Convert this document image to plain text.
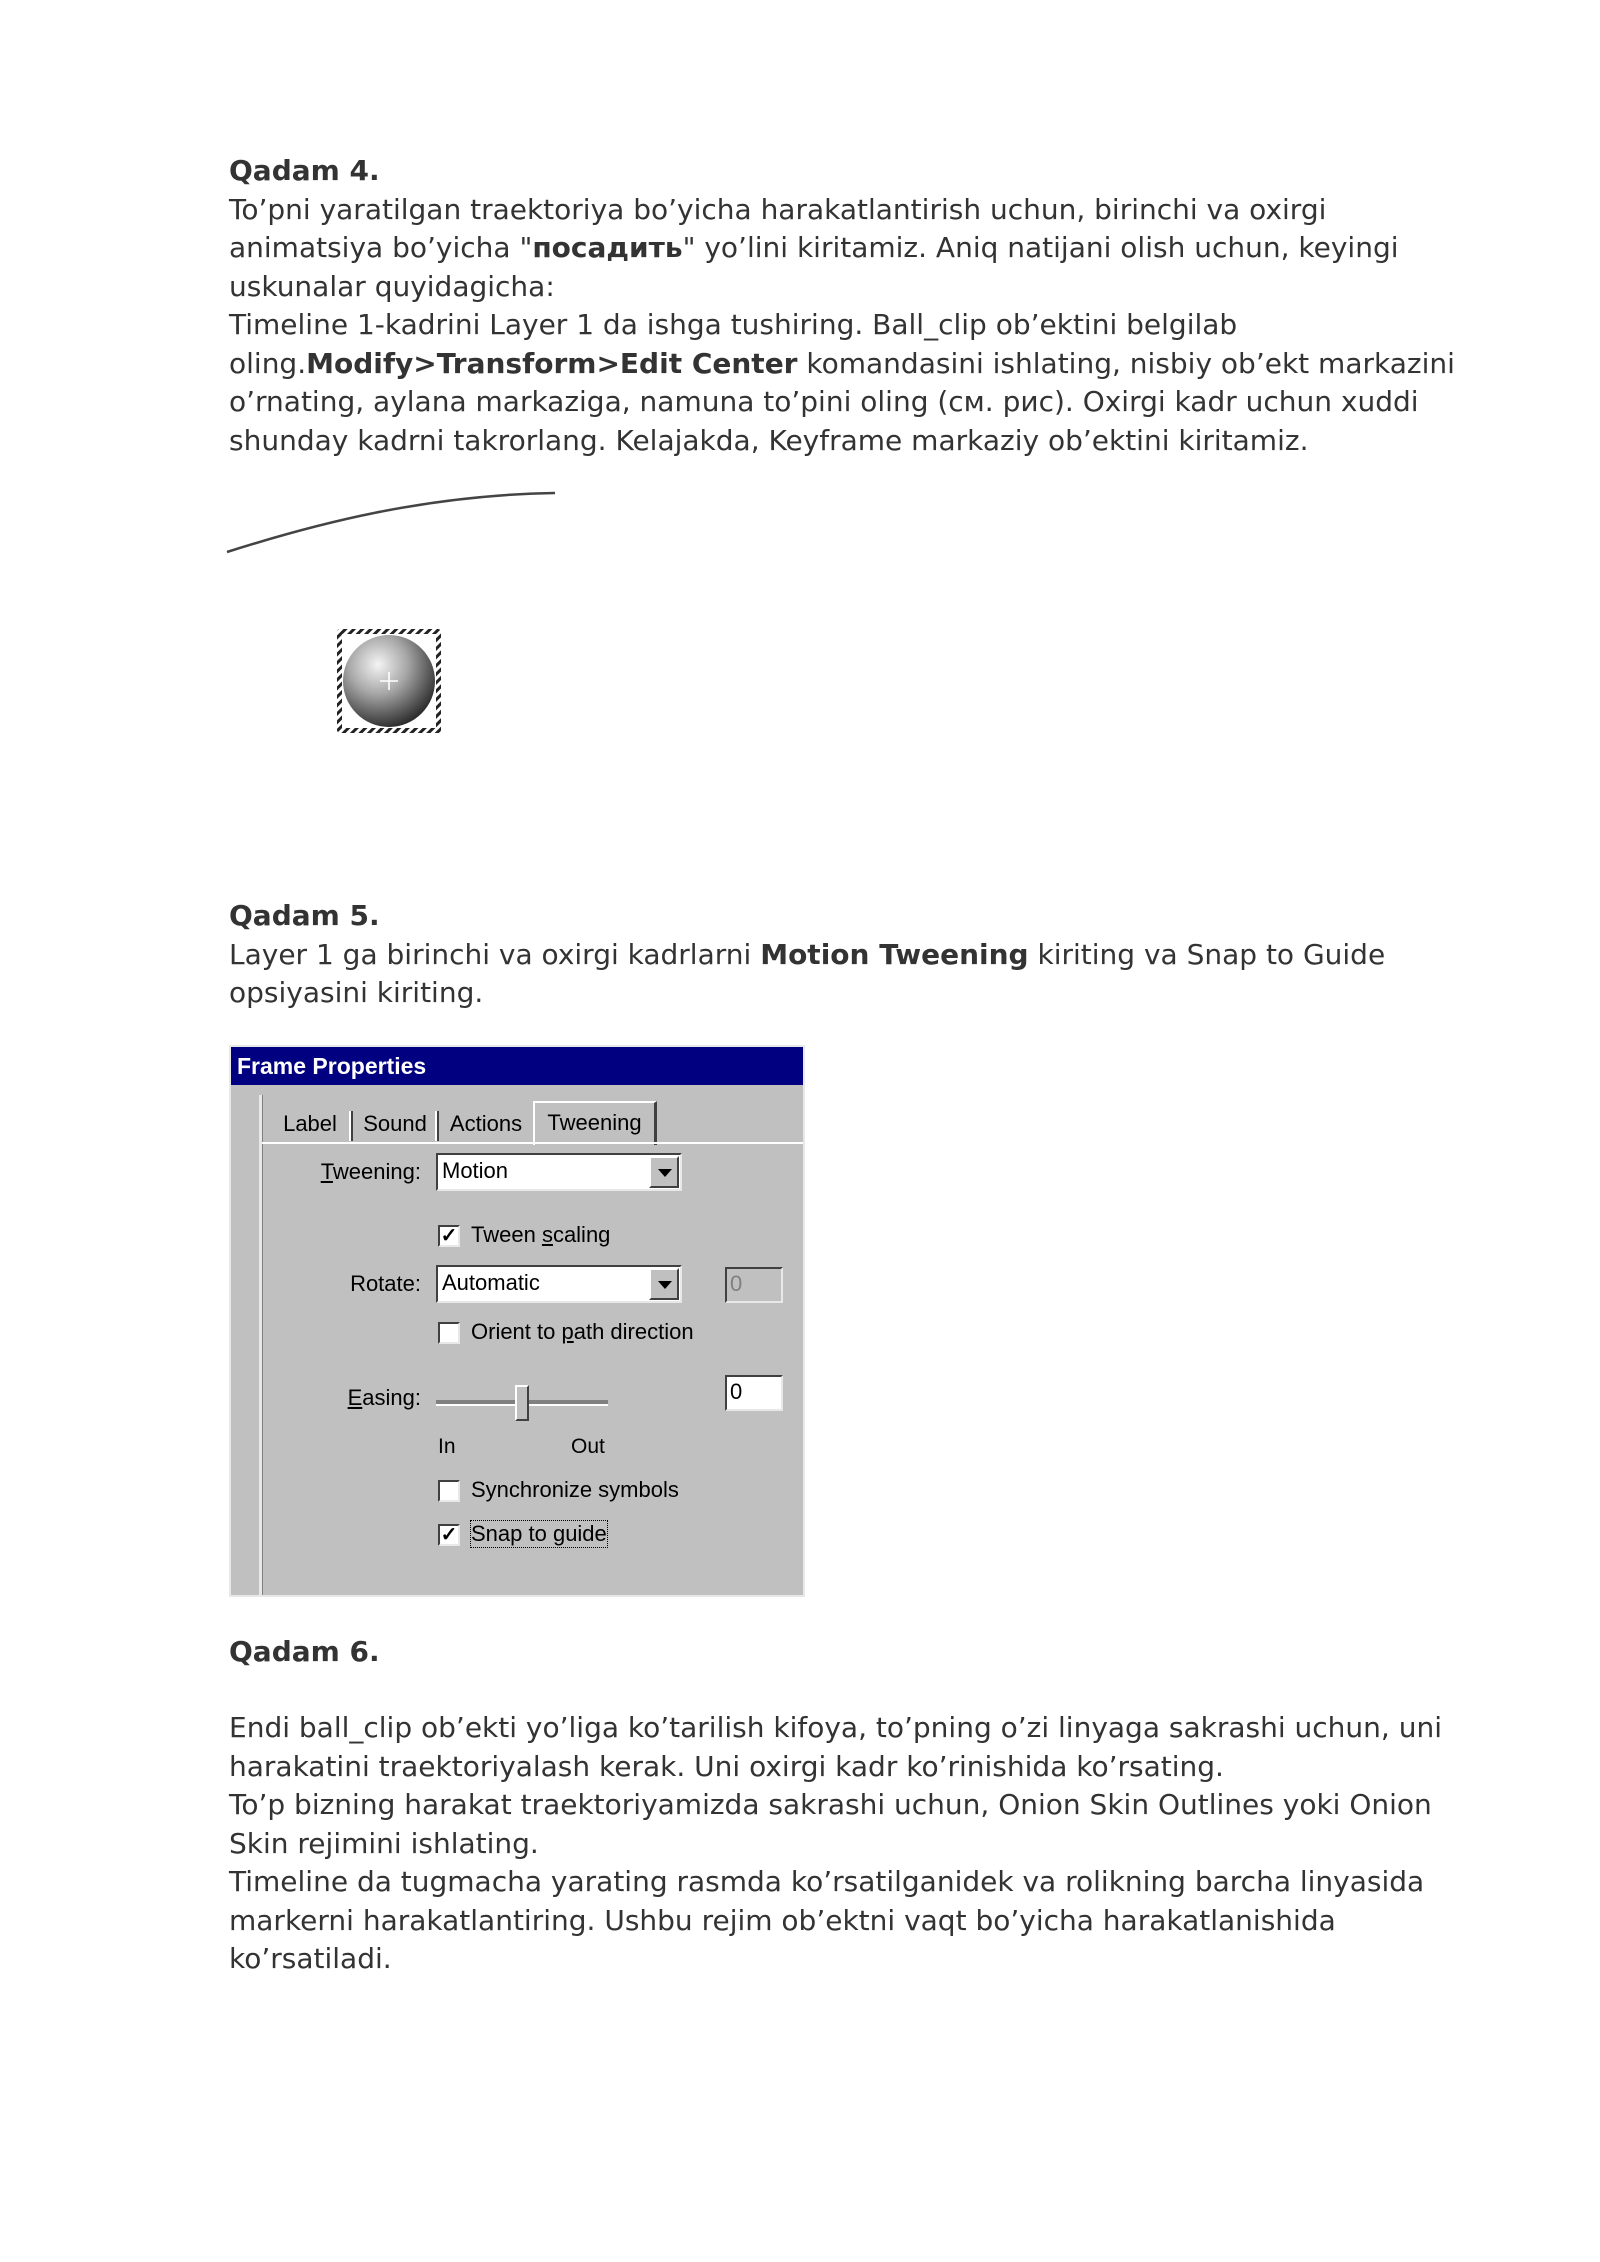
Qadam 4.
To’pni yaratilgan traektoriya bo’yicha harakatlantirish uchun, birinchi va oxirgi animatsiya bo’yicha "посадить" yo’lini kiritamiz. Aniq natijani olish uchun, keyingi uskunalar quyidagicha:
Timeline 1-kadrini Layer 1 da ishga tushiring. Ball_clip ob’ektini belgilab oling.Modify>Transform>Edit Center komandasini ishlating, nisbiy ob’ekt markazini o’rnating, aylana markaziga, namuna to’pini oling (см. рис). Oxirgi kadr uchun xuddi shunday kadrni takrorlang. Kelajakda, Keyframe markaziy ob’ektini kiritamiz.
Qadam 5.
Layer 1 ga birinchi va oxirgi kadrlarni Motion Tweening kiriting va Snap to Guide opsiyasini kiriting.
Frame Properties
Label	Sound	Actions	Tweening
Tweening: Motion
✓ Tween scaling
Rotate: Automatic	0
Orient to path direction
Easing:	0
In	Out
Synchronize symbols
✓ Snap to guide
Qadam 6.
Endi ball_clip ob’ekti yo’liga ko’tarilish kifoya, to’pning o’zi linyaga sakrashi uchun, uni harakatini traektoriyalash kerak. Uni oxirgi kadr ko’rinishida ko’rsating.
To’p bizning harakat traektoriyamizda sakrashi uchun, Onion Skin Outlines yoki Onion Skin rejimini ishlating.
Timeline da tugmacha yarating rasmda ko’rsatilganidek va rolikning barcha linyasida markerni harakatlantiring. Ushbu rejim ob’ektni vaqt bo’yicha harakatlanishida ko’rsatiladi.
